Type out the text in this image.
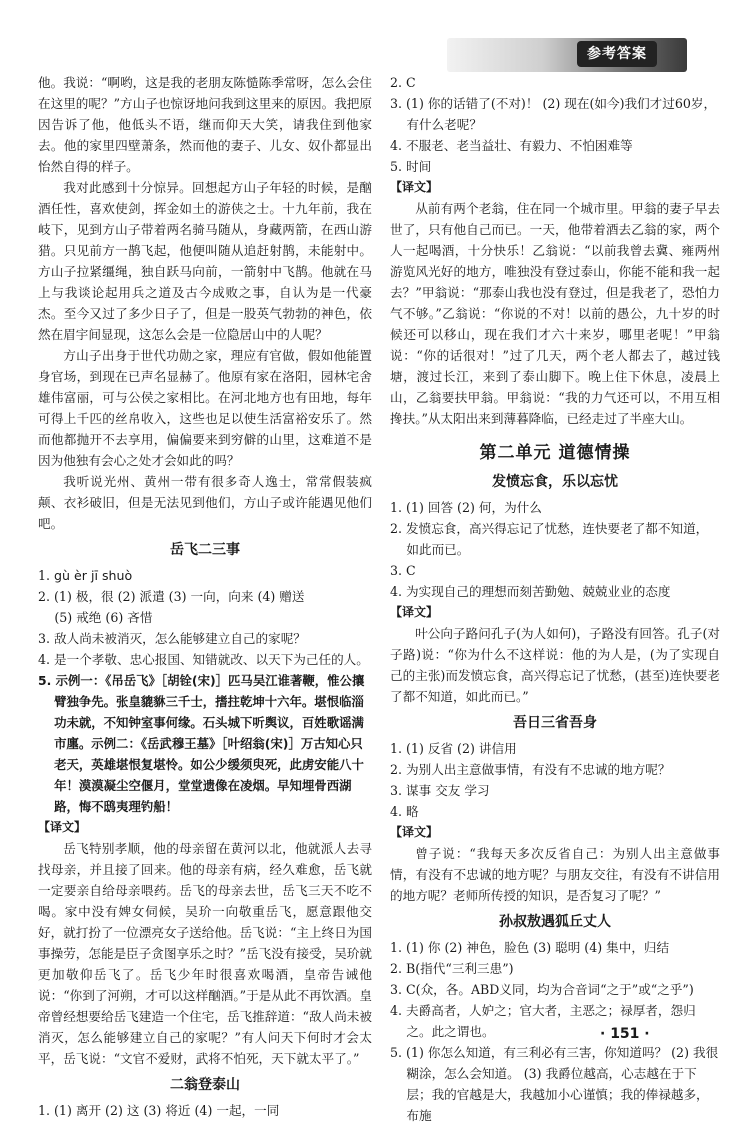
参考答案

他。我说：“啊哟，这是我的老朋友陈慥陈季常呀，怎么会住在这里的呢？”方山子也惊讶地问我到这里来的原因。我把原因告诉了他，他低头不语，继而仰天大笑，请我住到他家去。他的家里四壁萧条，然而他的妻子、儿女、奴仆都显出怡然自得的样子。

我对此感到十分惊异。回想起方山子年轻的时候，是酗酒任性，喜欢使剑，挥金如土的游侠之士。十九年前，我在岐下，见到方山子带着两名骑马随从，身藏两箭，在西山游猎。只见前方一鹊飞起，他便叫随从追赶射鹊，未能射中。方山子拉紧缰绳，独自跃马向前，一箭射中飞鹊。他就在马上与我谈论起用兵之道及古今成败之事，自认为是一代豪杰。至今又过了多少日子了，但是一股英气勃勃的神色，依然在眉宇间显现，这怎么会是一位隐居山中的人呢？

方山子出身于世代功勋之家，理应有官做，假如他能置身官场，到现在已声名显赫了。他原有家在洛阳，园林宅舍雄伟富丽，可与公侯之家相比。在河北地方也有田地，每年可得上千匹的丝帛收入，这些也足以使生活富裕安乐了。然而他都抛开不去享用，偏偏要来到穷僻的山里，这难道不是因为他独有会心之处才会如此的吗？

我听说光州、黄州一带有很多奇人逸士，常常假装疯颠、衣衫破旧，但是无法见到他们，方山子或许能遇见他们吧。

岳飞二三事

1. gù èr jī shuò

2. (1) 极，很 (2) 派遣 (3) 一向，向来 (4) 赠送

(5) 戒绝 (6) 吝惜

3. 敌人尚未被消灭，怎么能够建立自己的家呢？

4. 是一个孝敬、忠心报国、知错就改、以天下为己任的人。

5. 示例一：《吊岳飞》［胡铨(宋)］匹马吴江谁著鞭，惟公攘臂独争先。张皇貔貅三千士，搘拄乾坤十六年。堪恨临淄功未就，不知钟室事何缘。石头城下听舆议，百姓歌谣满市廛。示例二：《岳武穆王墓》［叶绍翁(宋)］万古知心只老天，英雄堪恨复堪怜。如公少缓须臾死，此虏安能八十年！漠漠凝尘空偃月，堂堂遗像在凌烟。早知埋骨西湖路，悔不鸱夷理钓船！

【译文】

岳飞特别孝顺，他的母亲留在黄河以北，他就派人去寻找母亲，并且接了回来。他的母亲有病，经久难愈，岳飞就一定要亲自给母亲喂药。岳飞的母亲去世，岳飞三天不吃不喝。家中没有婢女伺候，吴玠一向敬重岳飞，愿意跟他交好，就打扮了一位漂亮女子送给他。岳飞说：“主上终日为国事操劳，怎能是臣子贪图享乐之时？”岳飞没有接受，吴玠就更加敬仰岳飞了。岳飞少年时很喜欢喝酒，皇帝告诫他说：“你到了河朔，才可以这样酗酒。”于是从此不再饮酒。皇帝曾经想要给岳飞建造一个住宅，岳飞推辞道：“敌人尚未被消灭，怎么能够建立自己的家呢？”有人问天下何时才会太平，岳飞说：“文官不爱财，武将不怕死，天下就太平了。”

二翁登泰山

1. (1) 离开 (2) 这 (3) 将近 (4) 一起，一同

2. C

3. (1) 你的话错了(不对)！ (2) 现在(如今)我们才过60岁，有什么老呢？

4. 不服老、老当益壮、有毅力、不怕困难等

5. 时间

【译文】

从前有两个老翁，住在同一个城市里。甲翁的妻子早去世了，只有他自己而已。一天，他带着酒去乙翁的家，两个人一起喝酒，十分快乐！乙翁说：“以前我曾去冀、雍两州游览风光好的地方，唯独没有登过泰山，你能不能和我一起去？”甲翁说：“那泰山我也没有登过，但是我老了，恐怕力气不够。”乙翁说：“你说的不对！以前的愚公，九十岁的时候还可以移山，现在我们才六十来岁，哪里老呢！”甲翁说：“你的话很对！”过了几天，两个老人都去了，越过钱塘，渡过长江，来到了泰山脚下。晚上住下休息，凌晨上山，乙翁要扶甲翁。甲翁说：“我的力气还可以，不用互相搀扶。”从太阳出来到薄暮降临，已经走过了半座大山。

第二单元 道德情操
发愤忘食，乐以忘忧

1. (1) 回答 (2) 何，为什么

2. 发愤忘食，高兴得忘记了忧愁，连快要老了都不知道，如此而已。

3. C

4. 为实现自己的理想而刻苦勤勉、兢兢业业的态度

【译文】

叶公向子路问孔子(为人如何)，子路没有回答。孔子(对子路)说：“你为什么不这样说：他的为人是，(为了实现自己的主张)而发愤忘食，高兴得忘记了忧愁，(甚至)连快要老了都不知道，如此而已。”

吾日三省吾身

1. (1) 反省 (2) 讲信用

2. 为别人出主意做事情，有没有不忠诚的地方呢？

3. 谋事 交友 学习

4. 略

【译文】

曾子说：“我每天多次反省自己：为别人出主意做事情，有没有不忠诚的地方呢？与朋友交往，有没有不讲信用的地方呢？老师所传授的知识，是否复习了呢？”

孙叔敖遇狐丘丈人

1. (1) 你 (2) 神色，脸色 (3) 聪明 (4) 集中，归结

2. B(指代“三利三患”)

3. C(众，各。ABD义同，均为合音词“之于”或“之乎”)

4. 夫爵高者，人妒之；官大者，主恶之；禄厚者，怨归之。此之谓也。

5. (1) 你怎么知道，有三利必有三害，你知道吗？ (2) 我很糊涂，怎么会知道。 (3) 我爵位越高，心志越在于下层；我的官越是大，我越加小心谨慎；我的俸禄越多，布施

· 151 ·
